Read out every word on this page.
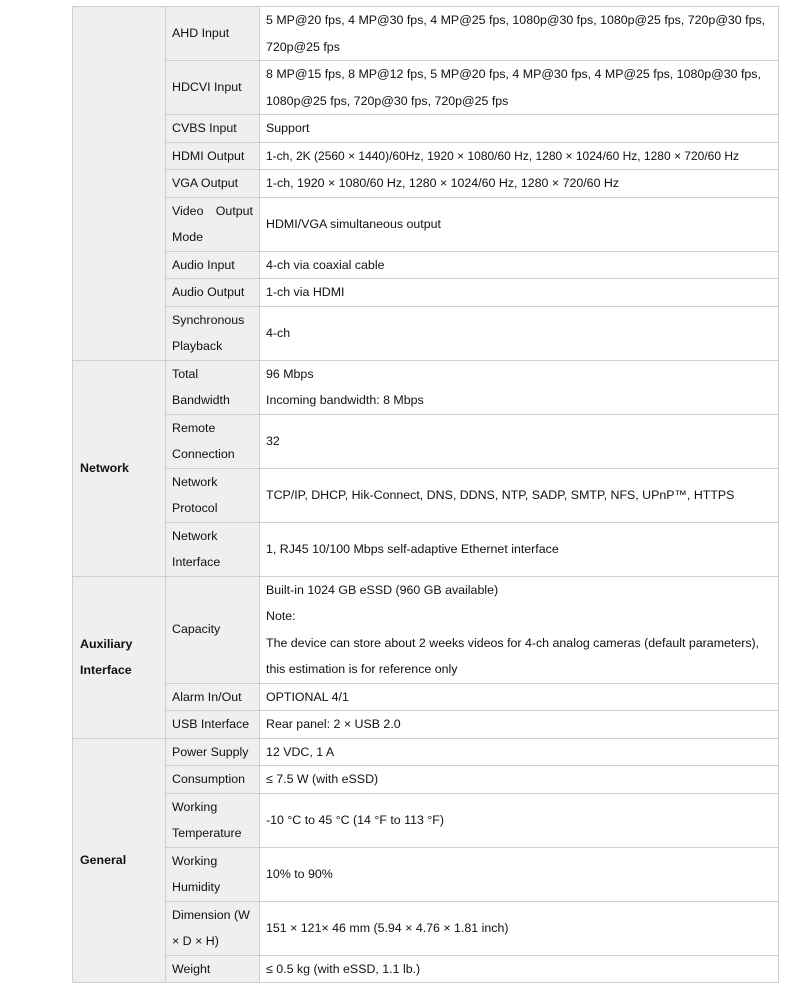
	AHD Input	5 MP@20 fps, 4 MP@30 fps, 4 MP@25 fps, 1080p@30 fps, 1080p@25 fps, 720p@30 fps, 720p@25 fps

	HDCVI Input	8 MP@15 fps, 8 MP@12 fps, 5 MP@20 fps, 4 MP@30 fps, 4 MP@25 fps, 1080p@30 fps, 1080p@25 fps, 720p@30 fps, 720p@25 fps

	CVBS Input	Support

	HDMI Output	1-ch, 2K (2560 × 1440)/60Hz, 1920 × 1080/60 Hz, 1280 × 1024/60 Hz, 1280 × 720/60 Hz

	VGA Output	1-ch, 1920 × 1080/60 Hz, 1280 × 1024/60 Hz, 1280 × 720/60 Hz

	Video Output Mode	HDMI/VGA simultaneous output

	Audio Input	4-ch via coaxial cable

	Audio Output	1-ch via HDMI

	Synchronous Playback	4-ch

Network	Total Bandwidth	96 Mbps
Incoming bandwidth: 8 Mbps

	Remote Connection	32

	Network Protocol	TCP/IP, DHCP, Hik-Connect, DNS, DDNS, NTP, SADP, SMTP, NFS, UPnP™, HTTPS

	Network Interface	1, RJ45 10/100 Mbps self-adaptive Ethernet interface

Auxiliary Interface	Capacity	Built-in 1024 GB eSSD (960 GB available)
Note:
The device can store about 2 weeks videos for 4-ch analog cameras (default parameters), this estimation is for reference only

	Alarm In/Out	OPTIONAL 4/1

	USB Interface	Rear panel: 2 × USB 2.0

General	Power Supply	12 VDC, 1 A

	Consumption	≤ 7.5 W (with eSSD)

	Working Temperature	-10 °C to 45 °C (14 °F to 113 °F)

	Working Humidity	10% to 90%

	Dimension (W × D × H)	151 × 121× 46 mm (5.94 × 4.76 × 1.81 inch)

	Weight	≤ 0.5 kg (with eSSD, 1.1 lb.)
